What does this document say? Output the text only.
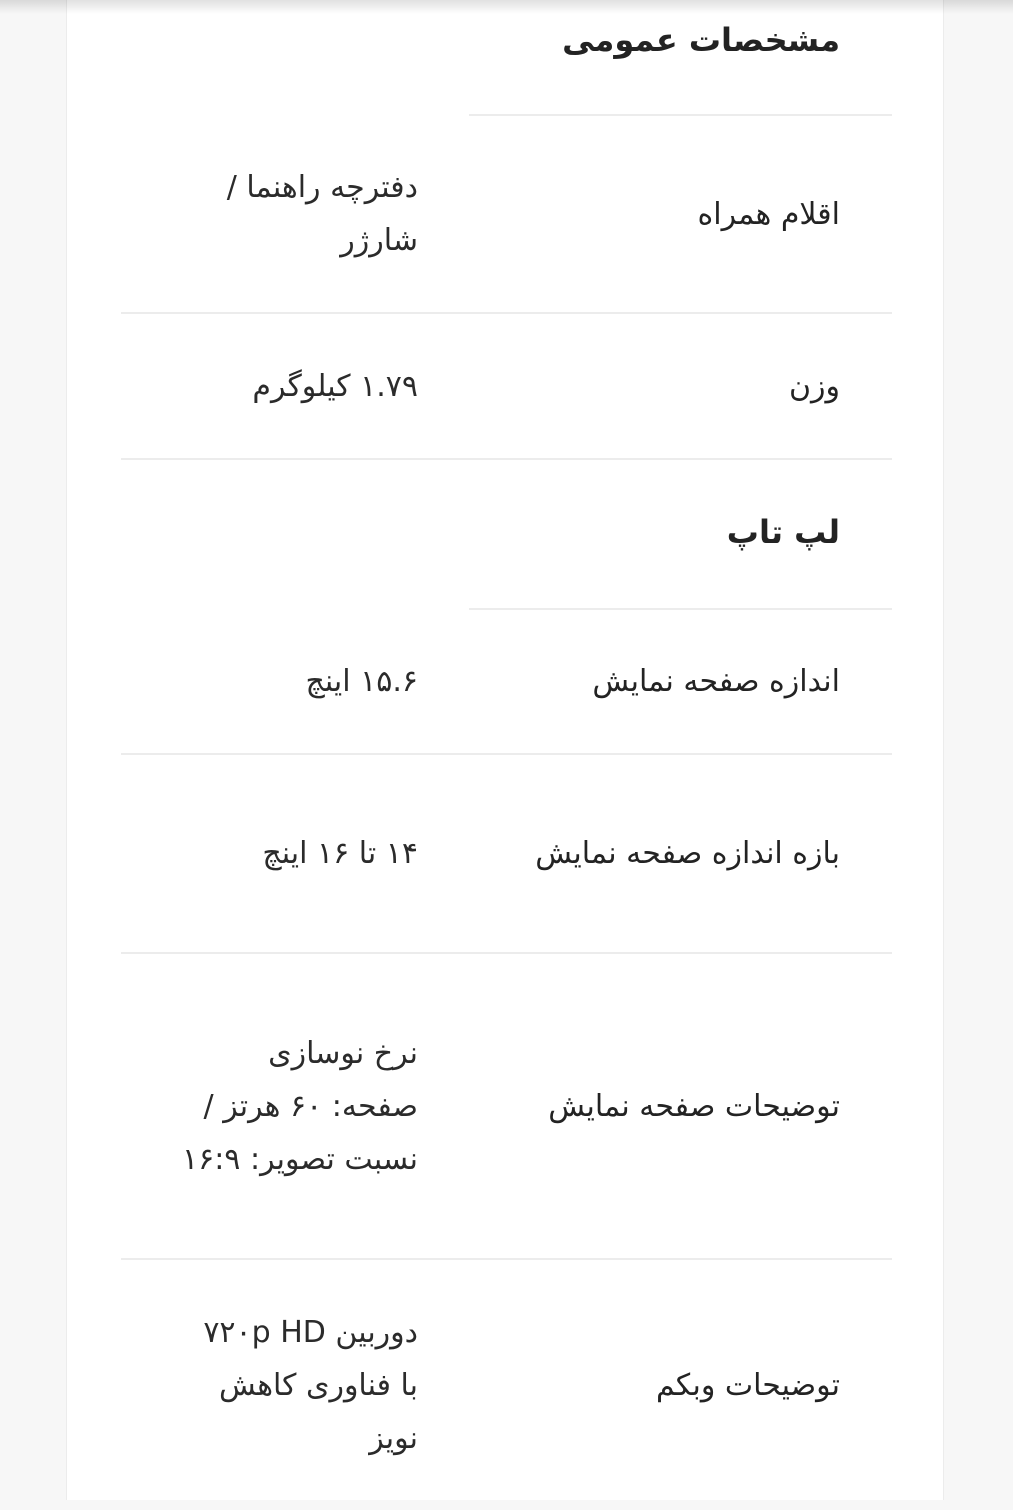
مشخصات عمومی
اقلام همراه
دفترچه راهنما / شارژر
وزن
۱.۷۹ کیلوگرم
لپ تاپ
اندازه صفحه نمایش
۱۵.۶ اینچ
بازه اندازه صفحه نمایش
۱۴ تا ۱۶ اینچ
توضیحات صفحه نمایش
نرخ نوسازی صفحه: ۶۰ هرتز / نسبت تصویر: ۱۶:۹
توضیحات وبکم
دوربین ۷۲۰p HD با فناوری کاهش نویز
